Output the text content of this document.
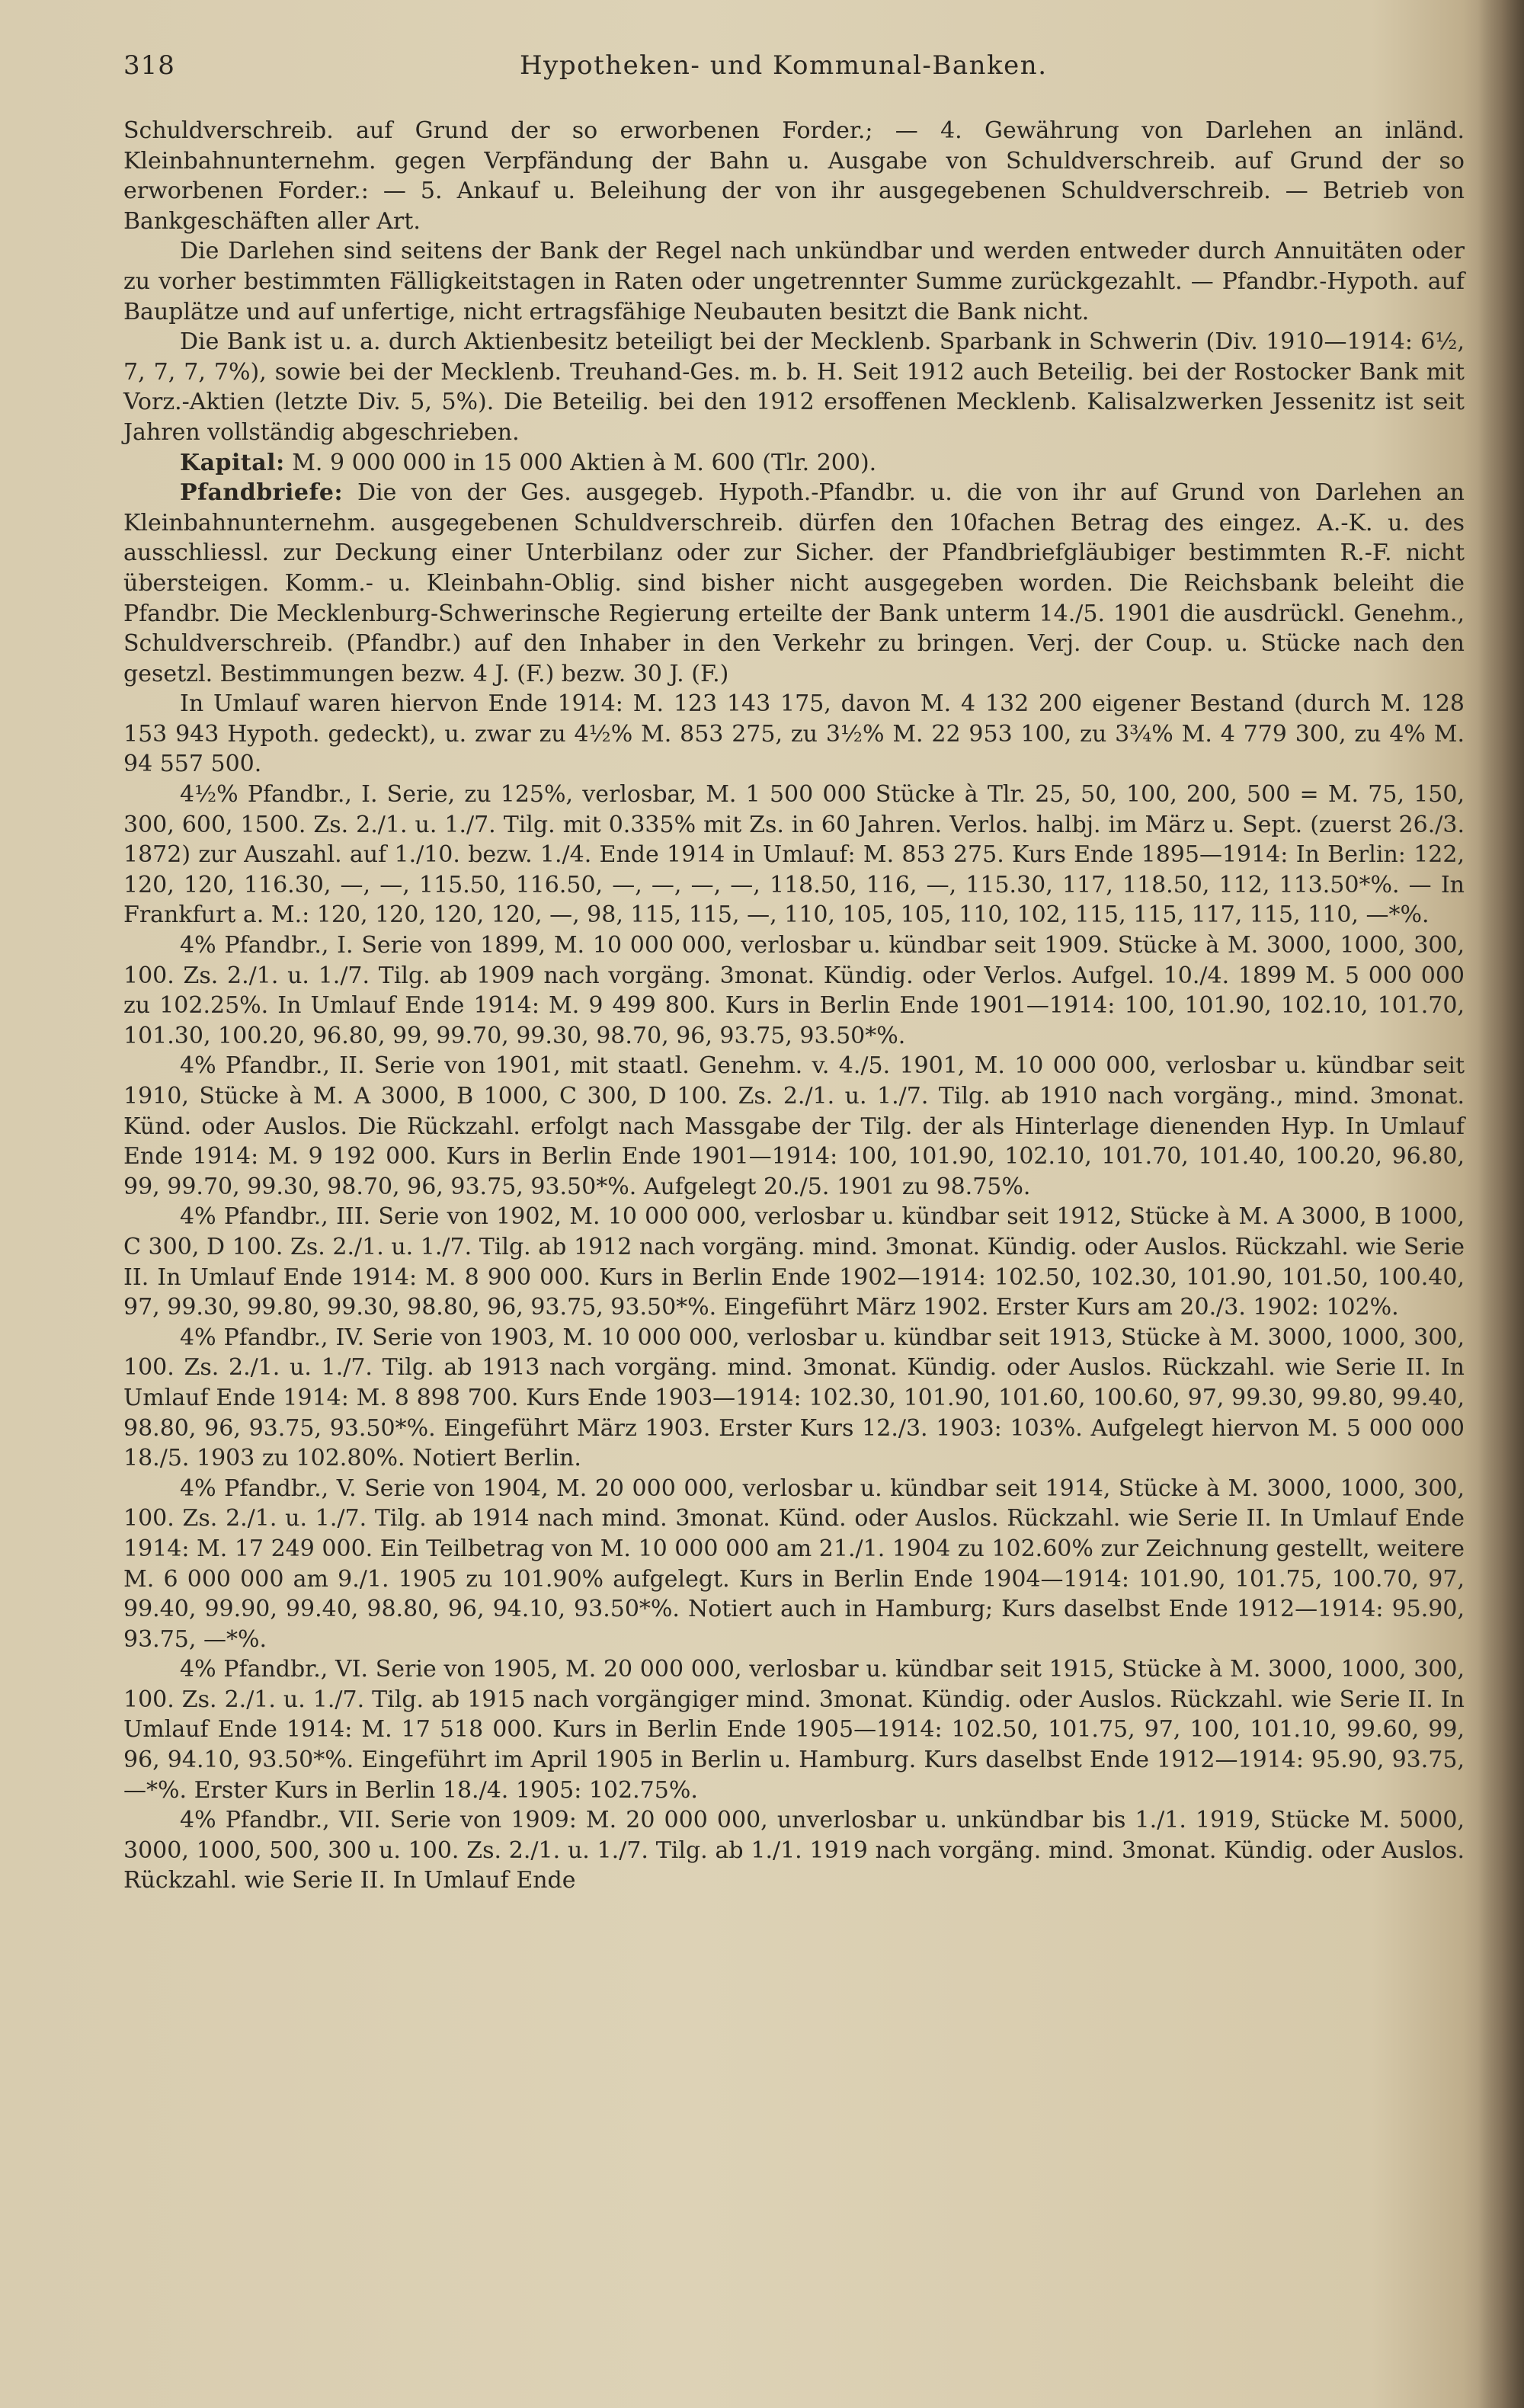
318	Hypotheken- und Kommunal-Banken.

Schuldverschreib. auf Grund der so erworbenen Forder.; — 4. Gewährung von Darlehen an inländ. Kleinbahnunternehm. gegen Verpfändung der Bahn u. Ausgabe von Schuldverschreib. auf Grund der so erworbenen Forder.: — 5. Ankauf u. Beleihung der von ihr ausgegebenen Schuldverschreib. — Betrieb von Bankgeschäften aller Art.

Die Darlehen sind seitens der Bank der Regel nach unkündbar und werden entweder durch Annuitäten oder zu vorher bestimmten Fälligkeitstagen in Raten oder ungetrennter Summe zurückgezahlt. — Pfandbr.-Hypoth. auf Bauplätze und auf unfertige, nicht ertragsfähige Neubauten besitzt die Bank nicht.

Die Bank ist u. a. durch Aktienbesitz beteiligt bei der Mecklenb. Sparbank in Schwerin (Div. 1910—1914: 6½, 7, 7, 7, 7%), sowie bei der Mecklenb. Treuhand-Ges. m. b. H. Seit 1912 auch Beteilig. bei der Rostocker Bank mit Vorz.-Aktien (letzte Div. 5, 5%). Die Beteilig. bei den 1912 ersoffenen Mecklenb. Kalisalzwerken Jessenitz ist seit Jahren vollständig abgeschrieben.

Kapital: M. 9 000 000 in 15 000 Aktien à M. 600 (Tlr. 200).

Pfandbriefe: Die von der Ges. ausgegeb. Hypoth.-Pfandbr. u. die von ihr auf Grund von Darlehen an Kleinbahnunternehm. ausgegebenen Schuldverschreib. dürfen den 10fachen Betrag des eingez. A.-K. u. des ausschliessl. zur Deckung einer Unterbilanz oder zur Sicher. der Pfandbriefgläubiger bestimmten R.-F. nicht übersteigen. Komm.- u. Kleinbahn-Oblig. sind bisher nicht ausgegeben worden. Die Reichsbank beleiht die Pfandbr. Die Mecklenburg-Schwerinsche Regierung erteilte der Bank unterm 14./5. 1901 die ausdrückl. Genehm., Schuldverschreib. (Pfandbr.) auf den Inhaber in den Verkehr zu bringen. Verj. der Coup. u. Stücke nach den gesetzl. Bestimmungen bezw. 4 J. (F.) bezw. 30 J. (F.)

In Umlauf waren hiervon Ende 1914: M. 123 143 175, davon M. 4 132 200 eigener Bestand (durch M. 128 153 943 Hypoth. gedeckt), u. zwar zu 4½% M. 853 275, zu 3½% M. 22 953 100, zu 3¾% M. 4 779 300, zu 4% M. 94 557 500.

4½% Pfandbr., I. Serie, zu 125%, verlosbar, M. 1 500 000 Stücke à Tlr. 25, 50, 100, 200, 500 = M. 75, 150, 300, 600, 1500. Zs. 2./1. u. 1./7. Tilg. mit 0.335% mit Zs. in 60 Jahren. Verlos. halbj. im März u. Sept. (zuerst 26./3. 1872) zur Auszahl. auf 1./10. bezw. 1./4. Ende 1914 in Umlauf: M. 853 275. Kurs Ende 1895—1914: In Berlin: 122, 120, 120, 116.30, —, —, 115.50, 116.50, —, —, —, —, 118.50, 116, —, 115.30, 117, 118.50, 112, 113.50*%. — In Frankfurt a. M.: 120, 120, 120, 120, —, 98, 115, 115, —, 110, 105, 105, 110, 102, 115, 115, 117, 115, 110, —*%.

4% Pfandbr., I. Serie von 1899, M. 10 000 000, verlosbar u. kündbar seit 1909. Stücke à M. 3000, 1000, 300, 100. Zs. 2./1. u. 1./7. Tilg. ab 1909 nach vorgäng. 3monat. Kündig. oder Verlos. Aufgel. 10./4. 1899 M. 5 000 000 zu 102.25%. In Umlauf Ende 1914: M. 9 499 800. Kurs in Berlin Ende 1901—1914: 100, 101.90, 102.10, 101.70, 101.30, 100.20, 96.80, 99, 99.70, 99.30, 98.70, 96, 93.75, 93.50*%.

4% Pfandbr., II. Serie von 1901, mit staatl. Genehm. v. 4./5. 1901, M. 10 000 000, verlosbar u. kündbar seit 1910, Stücke à M. A 3000, B 1000, C 300, D 100. Zs. 2./1. u. 1./7. Tilg. ab 1910 nach vorgäng., mind. 3monat. Künd. oder Auslos. Die Rückzahl. erfolgt nach Massgabe der Tilg. der als Hinterlage dienenden Hyp. In Umlauf Ende 1914: M. 9 192 000. Kurs in Berlin Ende 1901—1914: 100, 101.90, 102.10, 101.70, 101.40, 100.20, 96.80, 99, 99.70, 99.30, 98.70, 96, 93.75, 93.50*%. Aufgelegt 20./5. 1901 zu 98.75%.

4% Pfandbr., III. Serie von 1902, M. 10 000 000, verlosbar u. kündbar seit 1912, Stücke à M. A 3000, B 1000, C 300, D 100. Zs. 2./1. u. 1./7. Tilg. ab 1912 nach vorgäng. mind. 3monat. Kündig. oder Auslos. Rückzahl. wie Serie II. In Umlauf Ende 1914: M. 8 900 000. Kurs in Berlin Ende 1902—1914: 102.50, 102.30, 101.90, 101.50, 100.40, 97, 99.30, 99.80, 99.30, 98.80, 96, 93.75, 93.50*%. Eingeführt März 1902. Erster Kurs am 20./3. 1902: 102%.

4% Pfandbr., IV. Serie von 1903, M. 10 000 000, verlosbar u. kündbar seit 1913, Stücke à M. 3000, 1000, 300, 100. Zs. 2./1. u. 1./7. Tilg. ab 1913 nach vorgäng. mind. 3monat. Kündig. oder Auslos. Rückzahl. wie Serie II. In Umlauf Ende 1914: M. 8 898 700. Kurs Ende 1903—1914: 102.30, 101.90, 101.60, 100.60, 97, 99.30, 99.80, 99.40, 98.80, 96, 93.75, 93.50*%. Eingeführt März 1903. Erster Kurs 12./3. 1903: 103%. Aufgelegt hiervon M. 5 000 000 18./5. 1903 zu 102.80%. Notiert Berlin.

4% Pfandbr., V. Serie von 1904, M. 20 000 000, verlosbar u. kündbar seit 1914, Stücke à M. 3000, 1000, 300, 100. Zs. 2./1. u. 1./7. Tilg. ab 1914 nach mind. 3monat. Künd. oder Auslos. Rückzahl. wie Serie II. In Umlauf Ende 1914: M. 17 249 000. Ein Teilbetrag von M. 10 000 000 am 21./1. 1904 zu 102.60% zur Zeichnung gestellt, weitere M. 6 000 000 am 9./1. 1905 zu 101.90% aufgelegt. Kurs in Berlin Ende 1904—1914: 101.90, 101.75, 100.70, 97, 99.40, 99.90, 99.40, 98.80, 96, 94.10, 93.50*%. Notiert auch in Hamburg; Kurs daselbst Ende 1912—1914: 95.90, 93.75, —*%.

4% Pfandbr., VI. Serie von 1905, M. 20 000 000, verlosbar u. kündbar seit 1915, Stücke à M. 3000, 1000, 300, 100. Zs. 2./1. u. 1./7. Tilg. ab 1915 nach vorgängiger mind. 3monat. Kündig. oder Auslos. Rückzahl. wie Serie II. In Umlauf Ende 1914: M. 17 518 000. Kurs in Berlin Ende 1905—1914: 102.50, 101.75, 97, 100, 101.10, 99.60, 99, 96, 94.10, 93.50*%. Eingeführt im April 1905 in Berlin u. Hamburg. Kurs daselbst Ende 1912—1914: 95.90, 93.75, —*%. Erster Kurs in Berlin 18./4. 1905: 102.75%.

4% Pfandbr., VII. Serie von 1909: M. 20 000 000, unverlosbar u. unkündbar bis 1./1. 1919, Stücke M. 5000, 3000, 1000, 500, 300 u. 100. Zs. 2./1. u. 1./7. Tilg. ab 1./1. 1919 nach vorgäng. mind. 3monat. Kündig. oder Auslos. Rückzahl. wie Serie II. In Umlauf Ende
